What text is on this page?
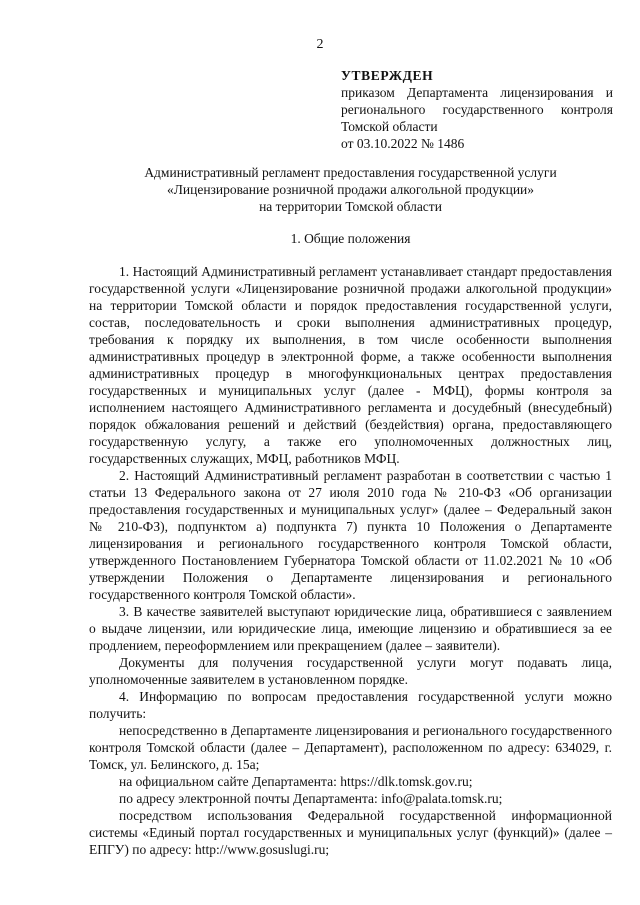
2

УТВЕРЖДЕН

приказом Департамента лицензирования и

регионального государственного контроля

Томской области

от 03.10.2022 № 1486

Административный регламент предоставления государственной услуги

«Лицензирование розничной продажи алкогольной продукции»

на территории Томской области

1. Общие положения

1. Настоящий Административный регламент устанавливает стандарт предоставления государственной услуги «Лицензирование розничной продажи алкогольной продукции» на территории Томской области и порядок предоставления государственной услуги, состав, последовательность и сроки выполнения административных процедур, требования к порядку их выполнения, в том числе особенности выполнения административных процедур в электронной форме, а также особенности выполнения административных процедур в многофункциональных центрах предоставления государственных и муниципальных услуг (далее - МФЦ), формы контроля за исполнением настоящего Административного регламента и досудебный (внесудебный) порядок обжалования решений и действий (бездействия) органа, предоставляющего государственную услугу, а также его уполномоченных должностных лиц, государственных служащих, МФЦ, работников МФЦ.

2. Настоящий Административный регламент разработан в соответствии с частью 1 статьи 13 Федерального закона от 27 июля 2010 года № 210-ФЗ «Об организации предоставления государственных и муниципальных услуг» (далее – Федеральный закон № 210-ФЗ), подпунктом а) подпункта 7) пункта 10 Положения о Департаменте лицензирования и регионального государственного контроля Томской области, утвержденного Постановлением Губернатора Томской области от 11.02.2021 № 10 «Об утверждении Положения о Департаменте лицензирования и регионального государственного контроля Томской области».

3. В качестве заявителей выступают юридические лица, обратившиеся с заявлением о выдаче лицензии, или юридические лица, имеющие лицензию и обратившиеся за ее продлением, переоформлением или прекращением (далее – заявители).

Документы для получения государственной услуги могут подавать лица, уполномоченные заявителем в установленном порядке.

4. Информацию по вопросам предоставления государственной услуги можно получить:

непосредственно в Департаменте лицензирования и регионального государственного контроля Томской области (далее – Департамент), расположенном по адресу: 634029, г. Томск, ул. Белинского, д. 15а;

на официальном сайте Департамента: https://dlk.tomsk.gov.ru;

по адресу электронной почты Департамента: info@palata.tomsk.ru;

посредством использования Федеральной государственной информационной системы «Единый портал государственных и муниципальных услуг (функций)» (далее – ЕПГУ) по адресу: http://www.gosuslugi.ru;
